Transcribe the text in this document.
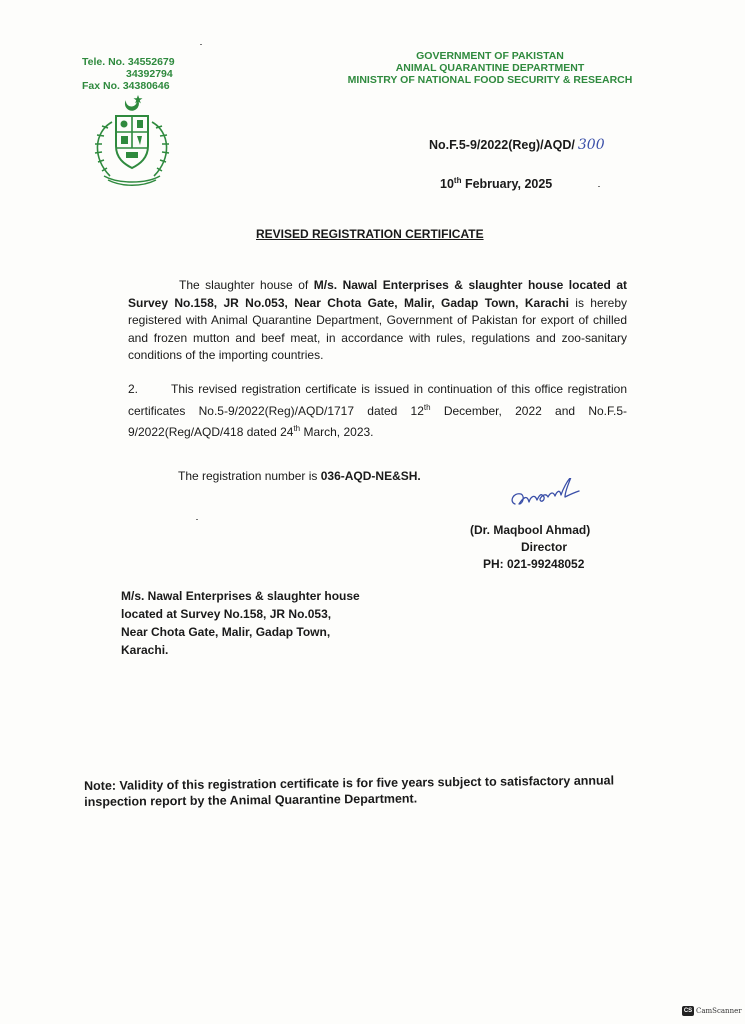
Tele. No. 34552679
34392794
Fax No. 34380646
GOVERNMENT OF PAKISTAN
ANIMAL QUARANTINE DEPARTMENT
MINISTRY OF NATIONAL FOOD SECURITY & RESEARCH
No.F.5-9/2022(Reg)/AQD/ 300
10th February, 2025
REVISED REGISTRATION CERTIFICATE
The slaughter house of M/s. Nawal Enterprises & slaughter house located at Survey No.158, JR No.053, Near Chota Gate, Malir, Gadap Town, Karachi is hereby registered with Animal Quarantine Department, Government of Pakistan for export of chilled and frozen mutton and beef meat, in accordance with rules, regulations and zoo-sanitary conditions of the importing countries.
2.	This revised registration certificate is issued in continuation of this office registration certificates No.5-9/2022(Reg)/AQD/1717 dated 12th December, 2022 and No.F.5-9/2022(Reg/AQD/418 dated 24th March, 2023.
The registration number is 036-AQD-NE&SH.
(Dr. Maqbool Ahmad)
Director
PH: 021-99248052
M/s. Nawal Enterprises & slaughter house
located at Survey No.158, JR No.053,
Near Chota Gate, Malir, Gadap Town,
Karachi.
Note: Validity of this registration certificate is for five years subject to satisfactory annual inspection report by the Animal Quarantine Department.
CS CamScanner
